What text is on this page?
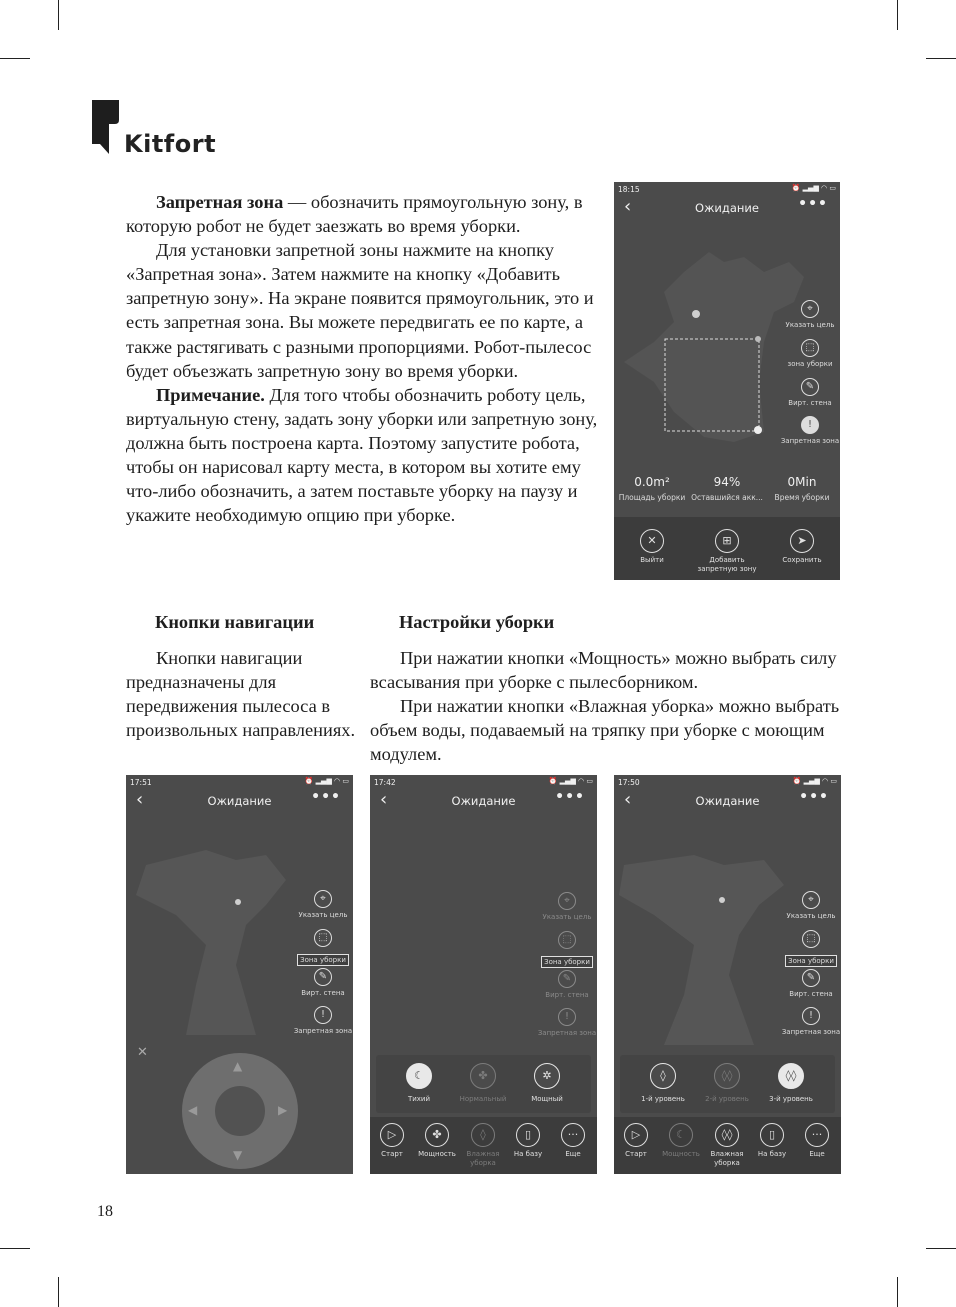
Kitfort

Запретная зона — обозначить прямоугольную зону, в которую робот не будет заезжать во время уборки.

Для установки запретной зоны нажмите на кнопку «Запретная зона». Затем нажмите на кнопку «Добавить запретную зону». На экране появится прямоугольник, это и есть запретная зона. Вы можете передвигать ее по карте, а также растягивать с разными пропорциями. Робот-пылесос будет объезжать запретную зону во время уборки.

Примечание. Для того чтобы обозначить роботу цель, виртуальную стену, задать зону уборки или запретную зону, должна быть построена карта. Поэтому запустите робота, чтобы он нарисовал карту места, в котором вы хотите ему что-либо обозначить, а затем поставьте уборку на паузу и укажите необходимую опцию при уборке.

Кнопки навигации	Настройки уборки

Кнопки навигации предназначены для передвижения пылесоса в произвольных направлениях.

При нажатии кнопки «Мощность» можно выбрать силу всасывания при уборке с пылесборником.

При нажатии кнопки «Влажная уборка» можно выбрать объем воды, подаваемый на тряпку при уборке с моющим модулем.

18
18:15	⏰ ▂▄▆ ◠ ▭
‹	Ожидание	•••
⌖
Указать цель
⬚
зона уборки
✎
Вирт. стена
!
Запретная зона
0.0m²
Площадь уборки
94%
Оставшийся акк...
0Min
Время уборки
✕
Выйти
⊞
Добавить запретную зону
➤
Сохранить
17:51	⏰ ▂▄▆ ◠ ▭
‹	Ожидание	•••
⌖
Указать цель
⬚
Зона уборки
✎
Вирт. стена
!
Запретная зона
✕
▲
▼
◀	▶
17:42	⏰ ▂▄▆ ◠ ▭
‹	Ожидание	•••
⌖
Указать цель
⬚
Зона уборки
✎
Вирт. стена
!
Запретная зона
☾
Тихий
✤
Нормальный
✲
Мощный
▷
Старт
✤
Мощность
◊
Влажная уборка
▯
На базу
···
Еще
17:50	⏰ ▂▄▆ ◠ ▭
‹	Ожидание	•••
⌖
Указать цель
⬚
Зона уборки
✎
Вирт. стена
!
Запретная зона
◊
1-й уровень
◊◊
2-й уровень
◊◊
3-й уровень
▷
Старт
☾
Мощность
◊◊
Влажная уборка
▯
На базу
···
Еще
